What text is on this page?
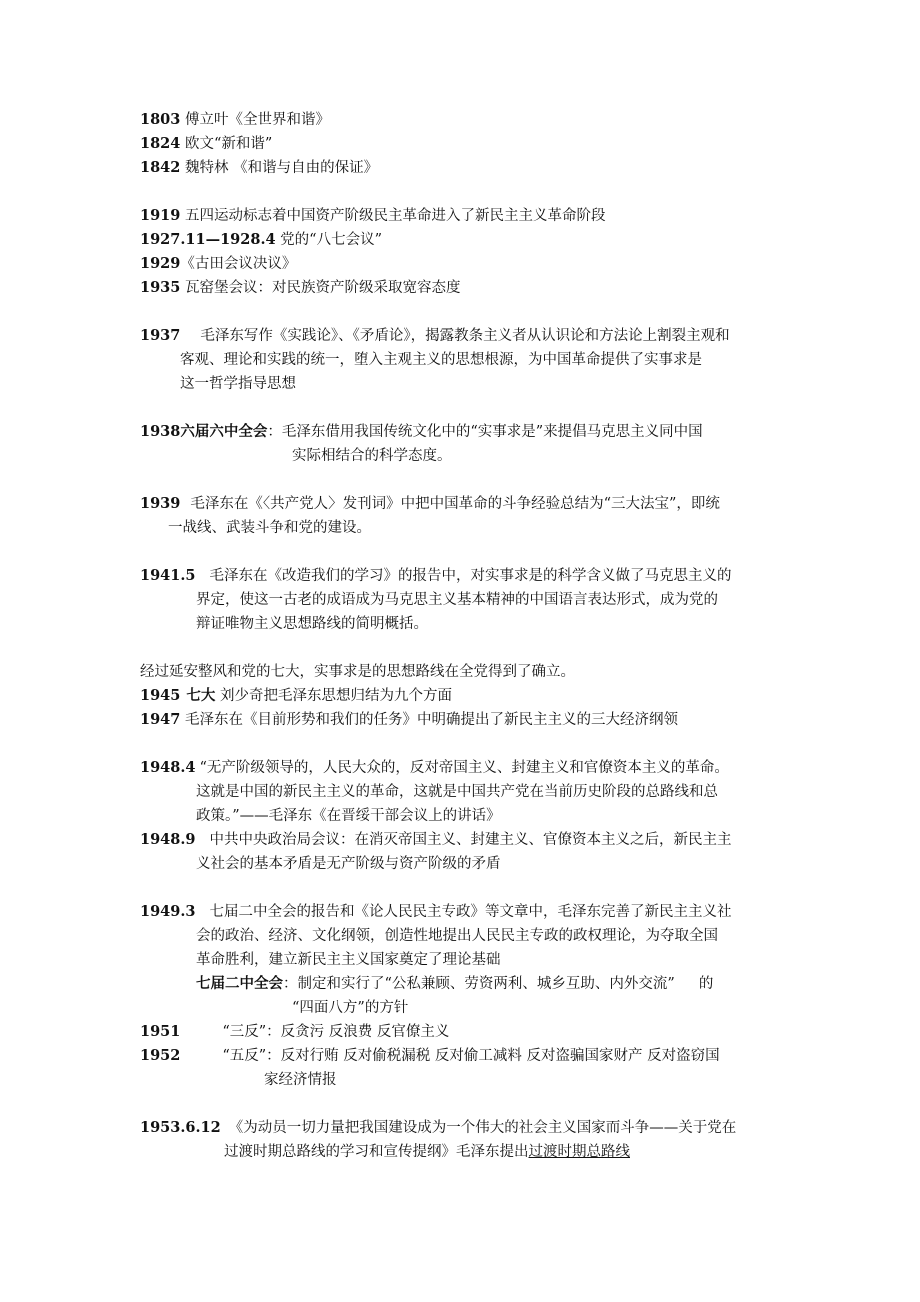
1803 傅立叶《全世界和谐》
1824 欧文“新和谐”
1842 魏特林 《和谐与自由的保证》
1919 五四运动标志着中国资产阶级民主革命进入了新民主主义革命阶段
1927.11—1928.4 党的“八七会议”
1929《古田会议决议》
1935 瓦窑堡会议：对民族资产阶级采取宽容态度
1937 毛泽东写作《实践论》、《矛盾论》，揭露教条主义者从认识论和方法论上割裂主观和
客观、理论和实践的统一，堕入主观主义的思想根源，为中国革命提供了实事求是
这一哲学指导思想
1938六届六中全会：毛泽东借用我国传统文化中的“实事求是”来提倡马克思主义同中国
实际相结合的科学态度。
1939 毛泽东在《〈共产党人〉发刊词》中把中国革命的斗争经验总结为“三大法宝”，即统
一战线、武装斗争和党的建设。
1941.5 毛泽东在《改造我们的学习》的报告中，对实事求是的科学含义做了马克思主义的
界定，使这一古老的成语成为马克思主义基本精神的中国语言表达形式，成为党的
辩证唯物主义思想路线的简明概括。
经过延安整风和党的七大，实事求是的思想路线在全党得到了确立。
1945 七大 刘少奇把毛泽东思想归结为九个方面
1947 毛泽东在《目前形势和我们的任务》中明确提出了新民主主义的三大经济纲领
1948.4 “无产阶级领导的，人民大众的，反对帝国主义、封建主义和官僚资本主义的革命。
这就是中国的新民主主义的革命，这就是中国共产党在当前历史阶段的总路线和总
政策。”——毛泽东《在晋绥干部会议上的讲话》
1948.9 中共中央政治局会议：在消灭帝国主义、封建主义、官僚资本主义之后，新民主主
义社会的基本矛盾是无产阶级与资产阶级的矛盾
1949.3 七届二中全会的报告和《论人民民主专政》等文章中，毛泽东完善了新民主主义社
会的政治、经济、文化纲领，创造性地提出人民民主专政的政权理论，为夺取全国
革命胜利，建立新民主主义国家奠定了理论基础
七届二中全会：制定和实行了“公私兼顾、劳资两利、城乡互助、内外交流” 的
“四面八方”的方针
1951	“三反”：反贪污 反浪费 反官僚主义
1952	“五反”：反对行贿 反对偷税漏税 反对偷工减料 反对盗骗国家财产 反对盗窃国
家经济情报
1953.6.12 《为动员一切力量把我国建设成为一个伟大的社会主义国家而斗争——关于党在
过渡时期总路线的学习和宣传提纲》毛泽东提出过渡时期总路线
